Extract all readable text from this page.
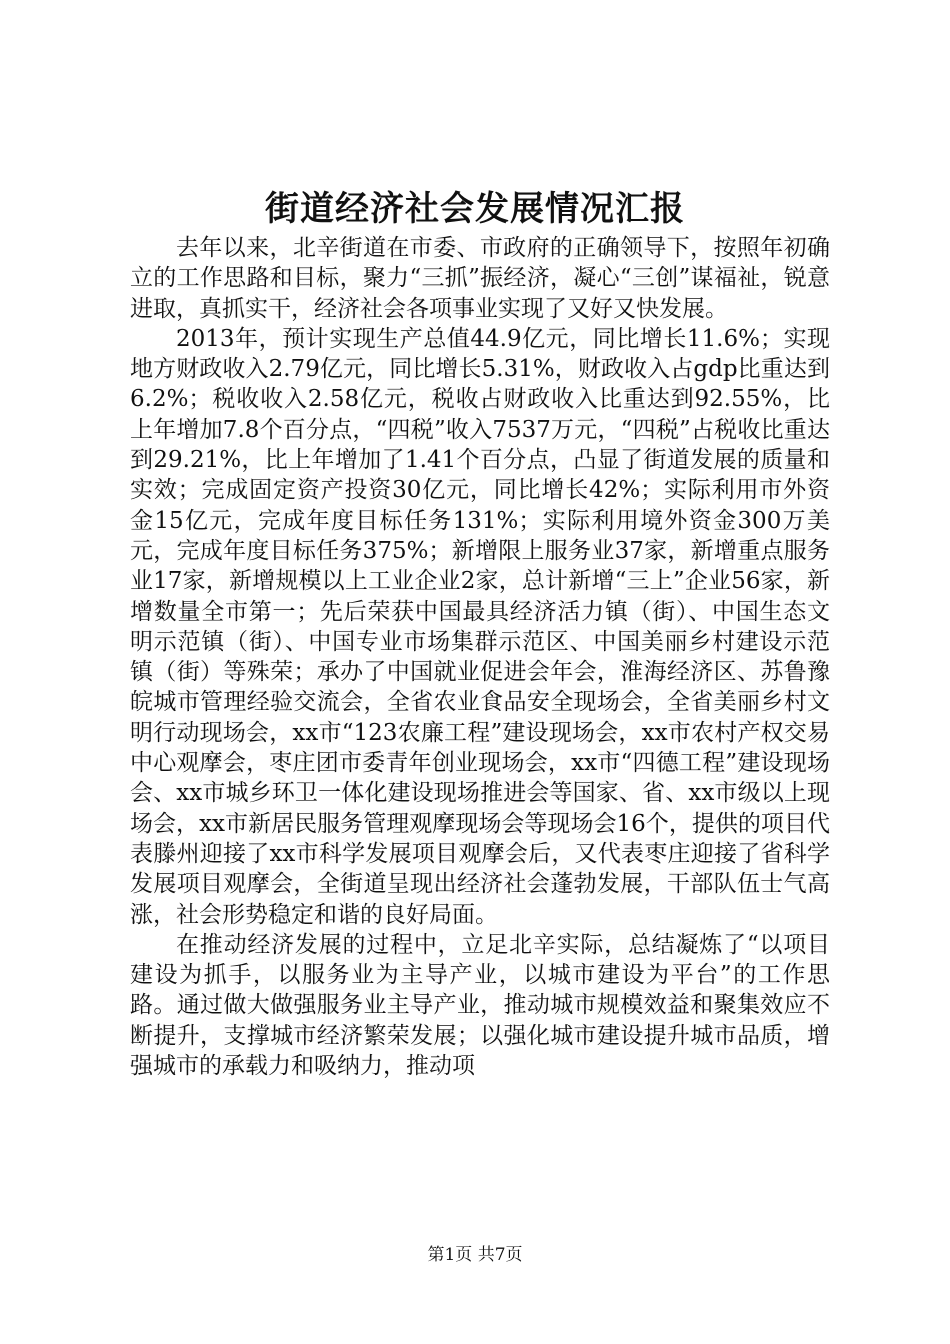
街道经济社会发展情况汇报

去年以来，北辛街道在市委、市政府的正确领导下，按照年初确立的工作思路和目标，聚力“三抓”振经济，凝心“三创”谋福祉，锐意进取，真抓实干，经济社会各项事业实现了又好又快发展。

2013年，预计实现生产总值44.9亿元，同比增长11.6%；实现地方财政收入2.79亿元，同比增长5.31%，财政收入占gdp比重达到6.2%；税收收入2.58亿元，税收占财政收入比重达到92.55%，比上年增加7.8个百分点，“四税”收入7537万元，“四税”占税收比重达到29.21%，比上年增加了1.41个百分点，凸显了街道发展的质量和实效；完成固定资产投资30亿元，同比增长42%；实际利用市外资金15亿元，完成年度目标任务131%；实际利用境外资金300万美元，完成年度目标任务375%；新增限上服务业37家，新增重点服务业17家，新增规模以上工业企业2家，总计新增“三上”企业56家，新增数量全市第一；先后荣获中国最具经济活力镇（街）、中国生态文明示范镇（街）、中国专业市场集群示范区、中国美丽乡村建设示范镇（街）等殊荣；承办了中国就业促进会年会，淮海经济区、苏鲁豫皖城市管理经验交流会，全省农业食品安全现场会，全省美丽乡村文明行动现场会，xx市“123农廉工程”建设现场会，xx市农村产权交易中心观摩会，枣庄团市委青年创业现场会，xx市“四德工程”建设现场会、xx市城乡环卫一体化建设现场推进会等国家、省、xx市级以上现场会，xx市新居民服务管理观摩现场会等现场会16个，提供的项目代表滕州迎接了xx市科学发展项目观摩会后，又代表枣庄迎接了省科学发展项目观摩会，全街道呈现出经济社会蓬勃发展，干部队伍士气高涨，社会形势稳定和谐的良好局面。

在推动经济发展的过程中，立足北辛实际，总结凝炼了“以项目建设为抓手，以服务业为主导产业，以城市建设为平台”的工作思路。通过做大做强服务业主导产业，推动城市规模效益和聚集效应不断提升，支撑城市经济繁荣发展；以强化城市建设提升城市品质，增强城市的承载力和吸纳力，推动项

第1页 共7页
